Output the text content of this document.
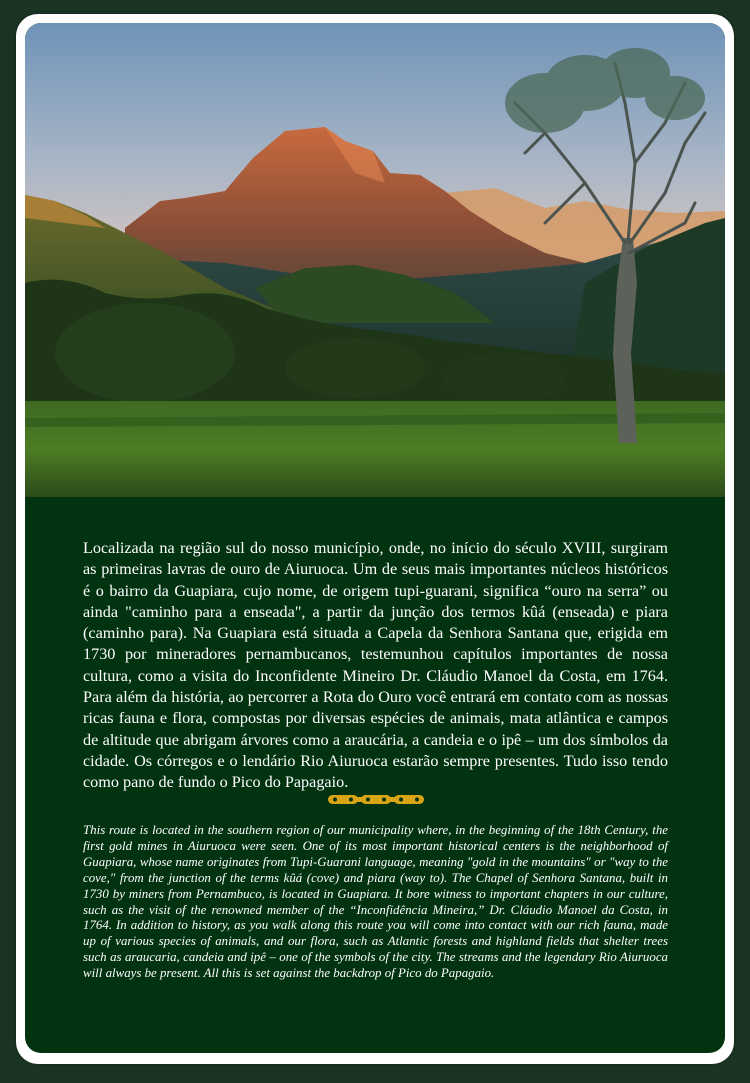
Localizada na região sul do nosso município, onde, no início do século XVIII, surgiram as primeiras lavras de ouro de Aiuruoca. Um de seus mais importantes núcleos históricos é o bairro da Guapiara, cujo nome, de origem tupi-guarani, significa “ouro na serra” ou ainda "caminho para a enseada", a partir da junção dos termos kûá (enseada) e piara (caminho para). Na Guapiara está situada a Capela da Senhora Santana que, erigida em 1730 por mineradores pernambucanos, testemunhou capítulos importantes de nossa cultura, como a visita do Inconfidente Mineiro Dr. Cláudio Manoel da Costa, em 1764. Para além da história, ao percorrer a Rota do Ouro você entrará em contato com as nossas ricas fauna e flora, compostas por diversas espécies de animais, mata atlântica e campos de altitude que abrigam árvores como a araucária, a candeia e o ipê – um dos símbolos da cidade. Os córregos e o lendário Rio Aiuruoca estarão sempre presentes. Tudo isso tendo como pano de fundo o Pico do Papagaio.

This route is located in the southern region of our municipality where, in the beginning of the 18th Century, the first gold mines in Aiuruoca were seen. One of its most important historical centers is the neighborhood of Guapiara, whose name originates from Tupi-Guarani language, meaning "gold in the mountains" or "way to the cove," from the junction of the terms kûá (cove) and piara (way to). The Chapel of Senhora Santana, built in 1730 by miners from Pernambuco, is located in Guapiara. It bore witness to important chapters in our culture, such as the visit of the renowned member of the “Inconfidência Mineira,” Dr. Cláudio Manoel da Costa, in 1764. In addition to history, as you walk along this route you will come into contact with our rich fauna, made up of various species of animals, and our flora, such as Atlantic forests and highland fields that shelter trees such as araucaria, candeia and ipê – one of the symbols of the city. The streams and the legendary Rio Aiuruoca will always be present. All this is set against the backdrop of Pico do Papagaio.
